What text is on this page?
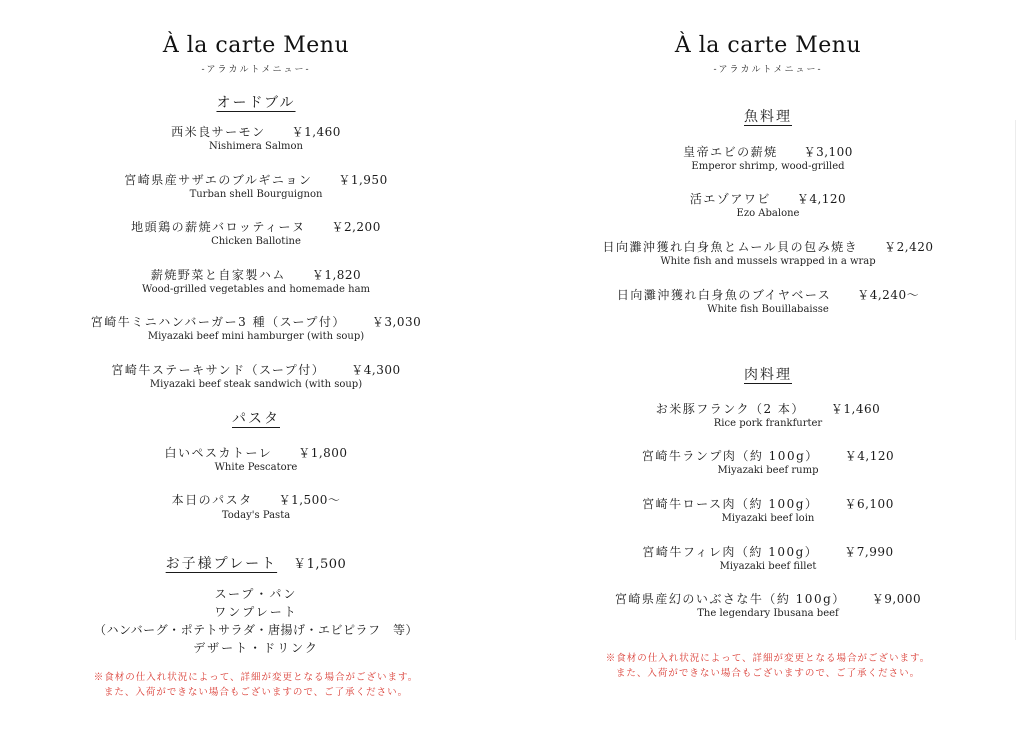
À la carte Menu
-アラカルトメニュー-
オードブル
西米良サーモン ￥1,460
Nishimera Salmon
宮崎県産サザエのブルギニョン ￥1,950
Turban shell Bourguignon
地頭鶏の薪焼バロッティーヌ ￥2,200
Chicken Ballotine
薪焼野菜と自家製ハム ￥1,820
Wood-grilled vegetables and homemade ham
宮崎牛ミニハンバーガー3 種（スープ付） ￥3,030
Miyazaki beef mini hamburger (with soup)
宮崎牛ステーキサンド（スープ付） ￥4,300
Miyazaki beef steak sandwich (with soup)
パスタ
白いペスカトーレ ￥1,800
White Pescatore
本日のパスタ ￥1,500～
Today's Pasta
お子様プレート ￥1,500
スープ・パン
ワンプレート
（ハンバーグ・ポテトサラダ・唐揚げ・エビピラフ　等）
デザート・ドリンク
※食材の仕入れ状況によって、詳細が変更となる場合がございます。
また、入荷ができない場合もございますので、ご了承ください。
À la carte Menu
-アラカルトメニュー-
魚料理
皇帝エビの薪焼 ￥3,100
Emperor shrimp, wood-grilled
活エゾアワビ ￥4,120
Ezo Abalone
日向灘沖獲れ白身魚とムール貝の包み焼き ￥2,420
White fish and mussels wrapped in a wrap
日向灘沖獲れ白身魚のブイヤベース ￥4,240～
White fish Bouillabaisse
肉料理
お米豚フランク（2 本） ￥1,460
Rice pork frankfurter
宮崎牛ランプ肉（約 100g） ￥4,120
Miyazaki beef rump
宮崎牛ロース肉（約 100g） ￥6,100
Miyazaki beef loin
宮崎牛フィレ肉（約 100g） ￥7,990
Miyazaki beef fillet
宮崎県産幻のいぶさな牛（約 100g） ￥9,000
The legendary Ibusana beef
※食材の仕入れ状況によって、詳細が変更となる場合がございます。
また、入荷ができない場合もございますので、ご了承ください。
